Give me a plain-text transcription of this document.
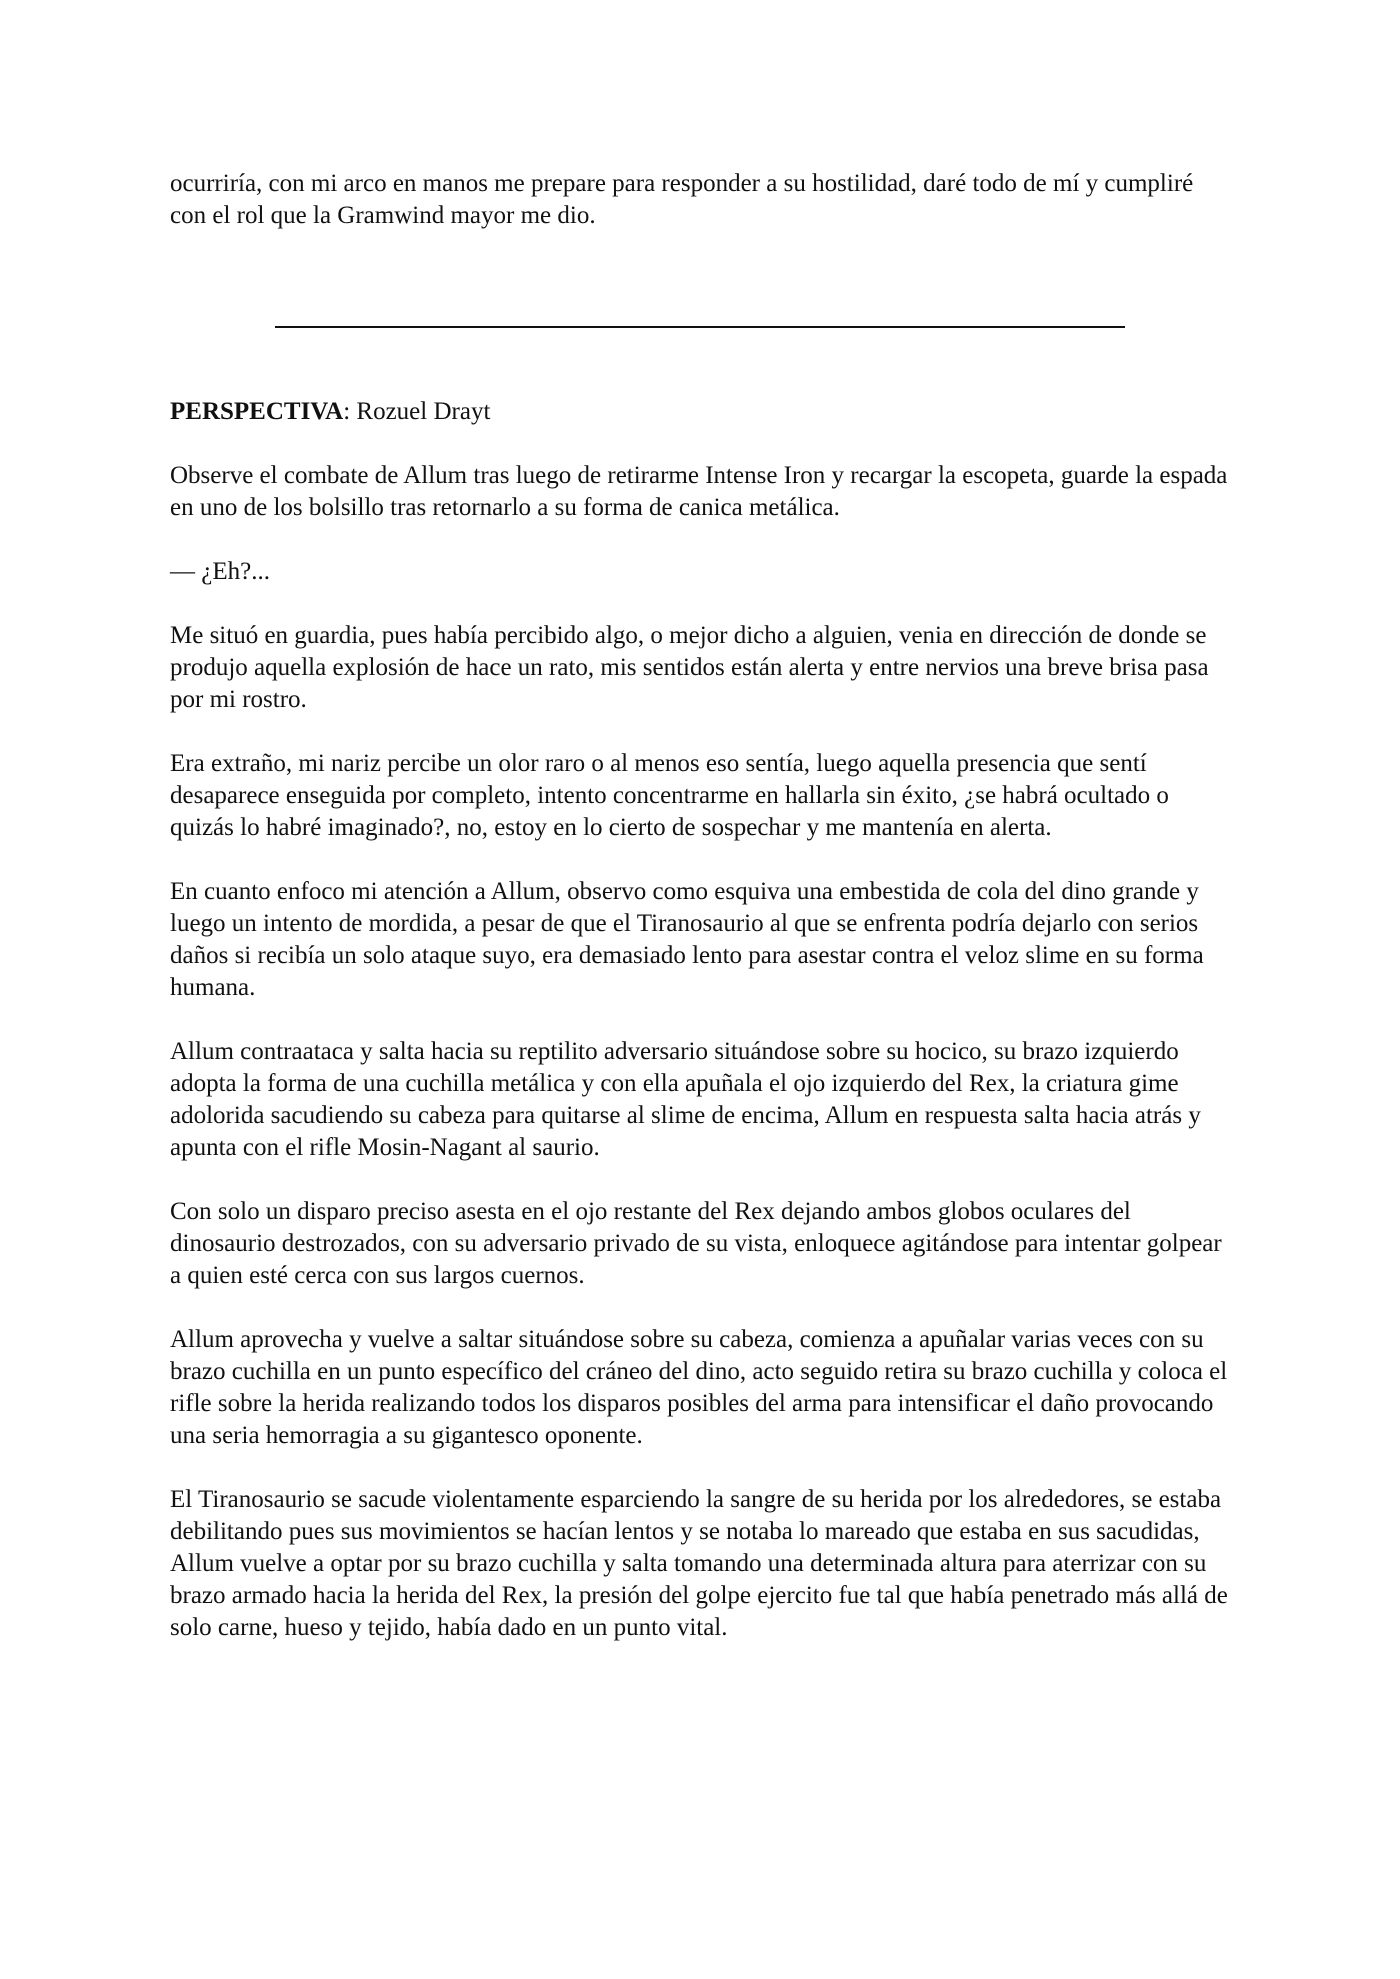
ocurriría, con mi arco en manos me prepare para responder a su hostilidad, daré todo de mí y cumpliré con el rol que la Gramwind mayor me dio.

PERSPECTIVA: Rozuel Drayt

Observe el combate de Allum tras luego de retirarme Intense Iron y recargar la escopeta, guarde la espada en uno de los bolsillo tras retornarlo a su forma de canica metálica.

— ¿Eh?...

Me situó en guardia, pues había percibido algo, o mejor dicho a alguien, venia en dirección de donde se produjo aquella explosión de hace un rato, mis sentidos están alerta y entre nervios una breve brisa pasa por mi rostro.

Era extraño, mi nariz percibe un olor raro o al menos eso sentía, luego aquella presencia que sentí desaparece enseguida por completo, intento concentrarme en hallarla sin éxito, ¿se habrá ocultado o quizás lo habré imaginado?, no, estoy en lo cierto de sospechar y me mantenía en alerta.

En cuanto enfoco mi atención a Allum, observo como esquiva una embestida de cola del dino grande y luego un intento de mordida, a pesar de que el Tiranosaurio al que se enfrenta podría dejarlo con serios daños si recibía un solo ataque suyo, era demasiado lento para asestar contra el veloz slime en su forma humana.

Allum contraataca y salta hacia su reptilito adversario situándose sobre su hocico, su brazo izquierdo adopta la forma de una cuchilla metálica y con ella apuñala el ojo izquierdo del Rex, la criatura gime adolorida sacudiendo su cabeza para quitarse al slime de encima, Allum en respuesta salta hacia atrás y apunta con el rifle Mosin-Nagant al saurio.

Con solo un disparo preciso asesta en el ojo restante del Rex dejando ambos globos oculares del dinosaurio destrozados, con su adversario privado de su vista, enloquece agitándose para intentar golpear a quien esté cerca con sus largos cuernos.

Allum aprovecha y vuelve a saltar situándose sobre su cabeza, comienza a apuñalar varias veces con su brazo cuchilla en un punto específico del cráneo del dino, acto seguido retira su brazo cuchilla y coloca el rifle sobre la herida realizando todos los disparos posibles del arma para intensificar el daño provocando una seria hemorragia a su gigantesco oponente.

El Tiranosaurio se sacude violentamente esparciendo la sangre de su herida por los alrededores, se estaba debilitando pues sus movimientos se hacían lentos y se notaba lo mareado que estaba en sus sacudidas, Allum vuelve a optar por su brazo cuchilla y salta tomando una determinada altura para aterrizar con su brazo armado hacia la herida del Rex, la presión del golpe ejercito fue tal que había penetrado más allá de solo carne, hueso y tejido, había dado en un punto vital.
